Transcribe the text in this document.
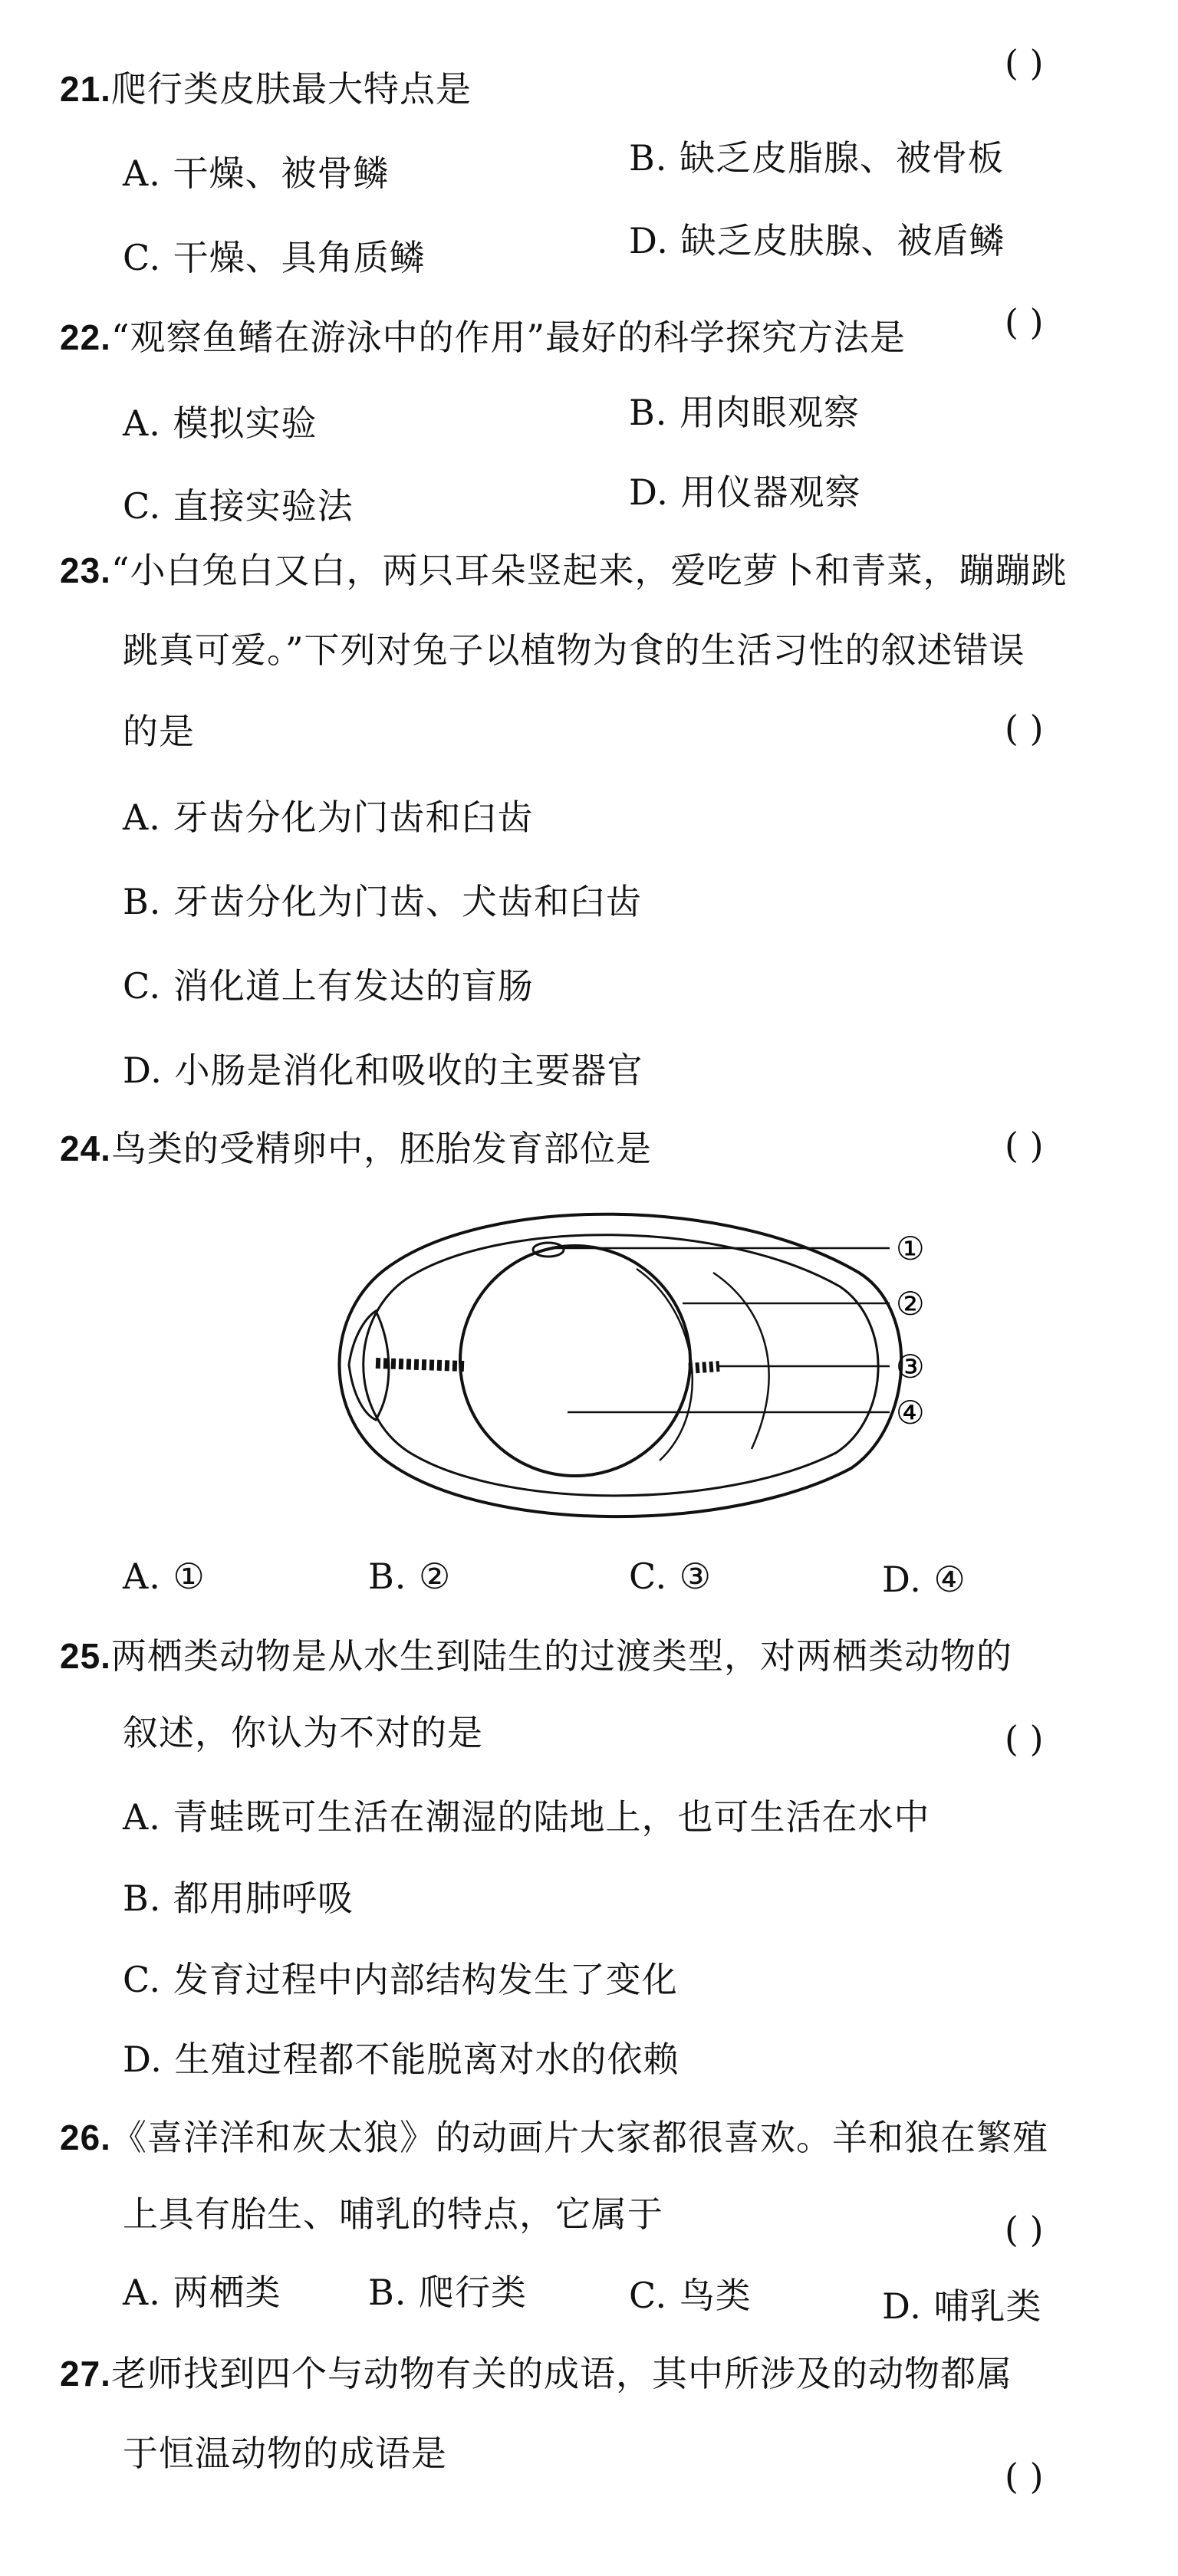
21.爬行类皮肤最大特点是
( )
A. 干燥、被骨鳞	B. 缺乏皮脂腺、被骨板
C. 干燥、具角质鳞	D. 缺乏皮肤腺、被盾鳞
22.“观察鱼鳍在游泳中的作用”最好的科学探究方法是	( )
A. 模拟实验	B. 用肉眼观察
C. 直接实验法	D. 用仪器观察
23.“小白兔白又白，两只耳朵竖起来，爱吃萝卜和青菜，蹦蹦跳
跳真可爱。”下列对兔子以植物为食的生活习性的叙述错误
的是	( )
A. 牙齿分化为门齿和臼齿
B. 牙齿分化为门齿、犬齿和臼齿
C. 消化道上有发达的盲肠
D. 小肠是消化和吸收的主要器官
24.鸟类的受精卵中，胚胎发育部位是	( )
①
②
③
④
A. ①	B. ②	C. ③	D. ④
25.两栖类动物是从水生到陆生的过渡类型，对两栖类动物的
叙述，你认为不对的是	( )
A. 青蛙既可生活在潮湿的陆地上，也可生活在水中
B. 都用肺呼吸
C. 发育过程中内部结构发生了变化
D. 生殖过程都不能脱离对水的依赖
26.《喜洋洋和灰太狼》的动画片大家都很喜欢。羊和狼在繁殖
上具有胎生、哺乳的特点，它属于	( )
A. 两栖类 B. 爬行类	C. 鸟类	D. 哺乳类
27.老师找到四个与动物有关的成语，其中所涉及的动物都属
于恒温动物的成语是
( )
